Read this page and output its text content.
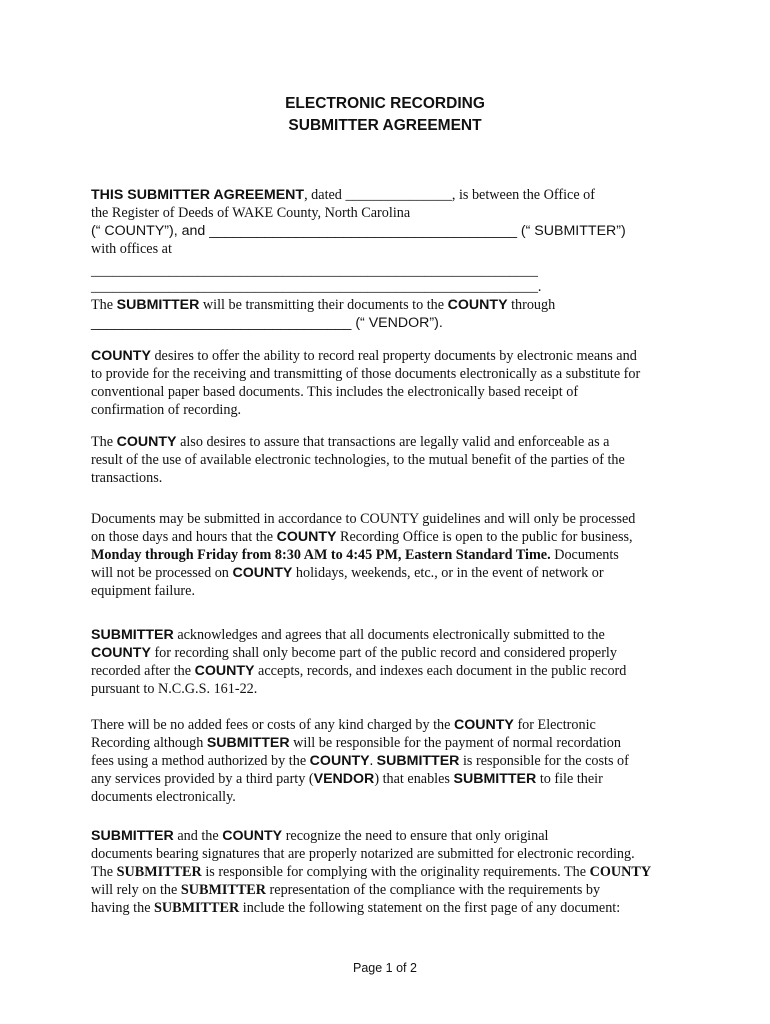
ELECTRONIC RECORDING
SUBMITTER AGREEMENT
THIS SUBMITTER AGREEMENT, dated _______________, is between the Office of
the Register of Deeds of WAKE County, North Carolina
(“ COUNTY”), and _______________________________________ (“ SUBMITTER”)
with offices at
_______________________________________________________________
_______________________________________________________________.
The SUBMITTER will be transmitting their documents to the COUNTY through
_________________________________ (“ VENDOR”).
COUNTY desires to offer the ability to record real property documents by electronic means and
to provide for the receiving and transmitting of those documents electronically as a substitute for
conventional paper based documents. This includes the electronically based receipt of
confirmation of recording.
The COUNTY also desires to assure that transactions are legally valid and enforceable as a
result of the use of available electronic technologies, to the mutual benefit of the parties of the
transactions.
Documents may be submitted in accordance to COUNTY guidelines and will only be processed
on those days and hours that the COUNTY Recording Office is open to the public for business,
Monday through Friday from 8:30 AM to 4:45 PM, Eastern Standard Time. Documents
will not be processed on COUNTY holidays, weekends, etc., or in the event of network or
equipment failure.
SUBMITTER acknowledges and agrees that all documents electronically submitted to the
COUNTY for recording shall only become part of the public record and considered properly
recorded after the COUNTY accepts, records, and indexes each document in the public record
pursuant to N.C.G.S. 161-22.
There will be no added fees or costs of any kind charged by the COUNTY for Electronic
Recording although SUBMITTER will be responsible for the payment of normal recordation
fees using a method authorized by the COUNTY. SUBMITTER is responsible for the costs of
any services provided by a third party (VENDOR) that enables SUBMITTER to file their
documents electronically.
SUBMITTER and the COUNTY recognize the need to ensure that only original
documents bearing signatures that are properly notarized are submitted for electronic recording.
The SUBMITTER is responsible for complying with the originality requirements. The COUNTY
will rely on the SUBMITTER representation of the compliance with the requirements by
having the SUBMITTER include the following statement on the first page of any document:
Page 1 of 2
